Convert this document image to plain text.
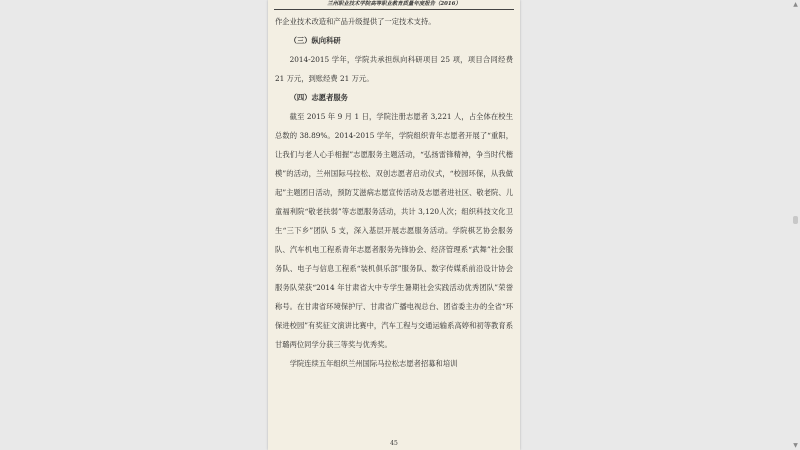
兰州职业技术学院高等职业教育质量年度报告（2016）

作企业技术改造和产品升级提供了一定技术支持。

（三）纵向科研

2014-2015 学年，学院共承担纵向科研项目 25 项，项目合同经费 21 万元，到账经费 21 万元。

（四）志愿者服务

截至 2015 年 9 月 1 日，学院注册志愿者 3,221 人，占全体在校生总数的 38.89%。2014-2015 学年，学院组织青年志愿者开展了“重阳，让我们与老人心手相握”志愿服务主题活动，“弘扬雷锋精神，争当时代楷模”的活动，兰州国际马拉松、双创志愿者启动仪式，“校园环保，从我做起”主题团日活动，预防艾滋病志愿宣传活动及志愿者进社区、敬老院、儿童福利院“敬老扶弱”等志愿服务活动，共计 3,120人次；组织科技文化卫生“三下乡”团队 5 支，深入基层开展志愿服务活动。学院棋艺协会服务队、汽车机电工程系青年志愿者服务先锋协会、经济管理系“武舞”社会服务队、电子与信息工程系“装机俱乐部”服务队、数字传媒系前沿设计协会服务队荣获“2014 年甘肃省大中专学生暑期社会实践活动优秀团队”荣誉称号。在甘肃省环境保护厅、甘肃省广播电视总台、团省委主办的全省“环保进校园”有奖征文演讲比赛中，汽车工程与交通运输系高婷和初等教育系甘璐两位同学分获三等奖与优秀奖。

学院连续五年组织兰州国际马拉松志愿者招募和培训

45
▲
▼
